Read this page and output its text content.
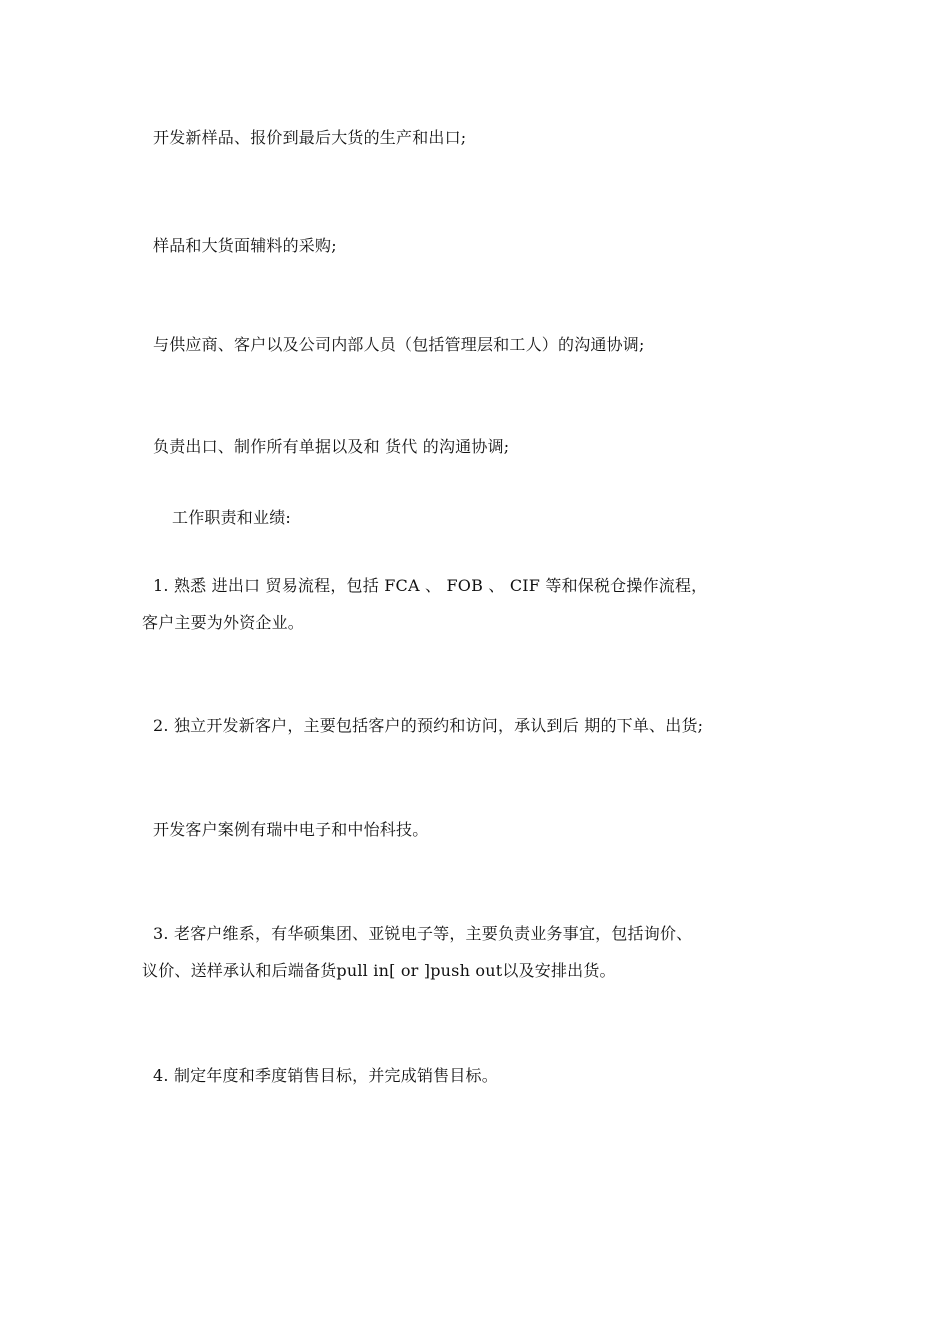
开发新样品、报价到最后大货的生产和出口;
样品和大货面辅料的采购;
与供应商、客户以及公司内部人员（包括管理层和工人）的沟通协调;
负责出口、制作所有单据以及和 货代 的沟通协调;
工作职责和业绩:
1. 熟悉 进出口 贸易流程，包括 FCA 、 FOB 、 CIF 等和保税仓操作流程，
客户主要为外资企业。
2. 独立开发新客户，主要包括客户的预约和访问，承认到后 期的下单、出货;
开发客户案例有瑞中电子和中怡科技。
3. 老客户维系，有华硕集团、亚锐电子等，主要负责业务事宜，包括询价、
议价、送样承认和后端备货pull in[ or ]push out以及安排出货。
4. 制定年度和季度销售目标，并完成销售目标。
